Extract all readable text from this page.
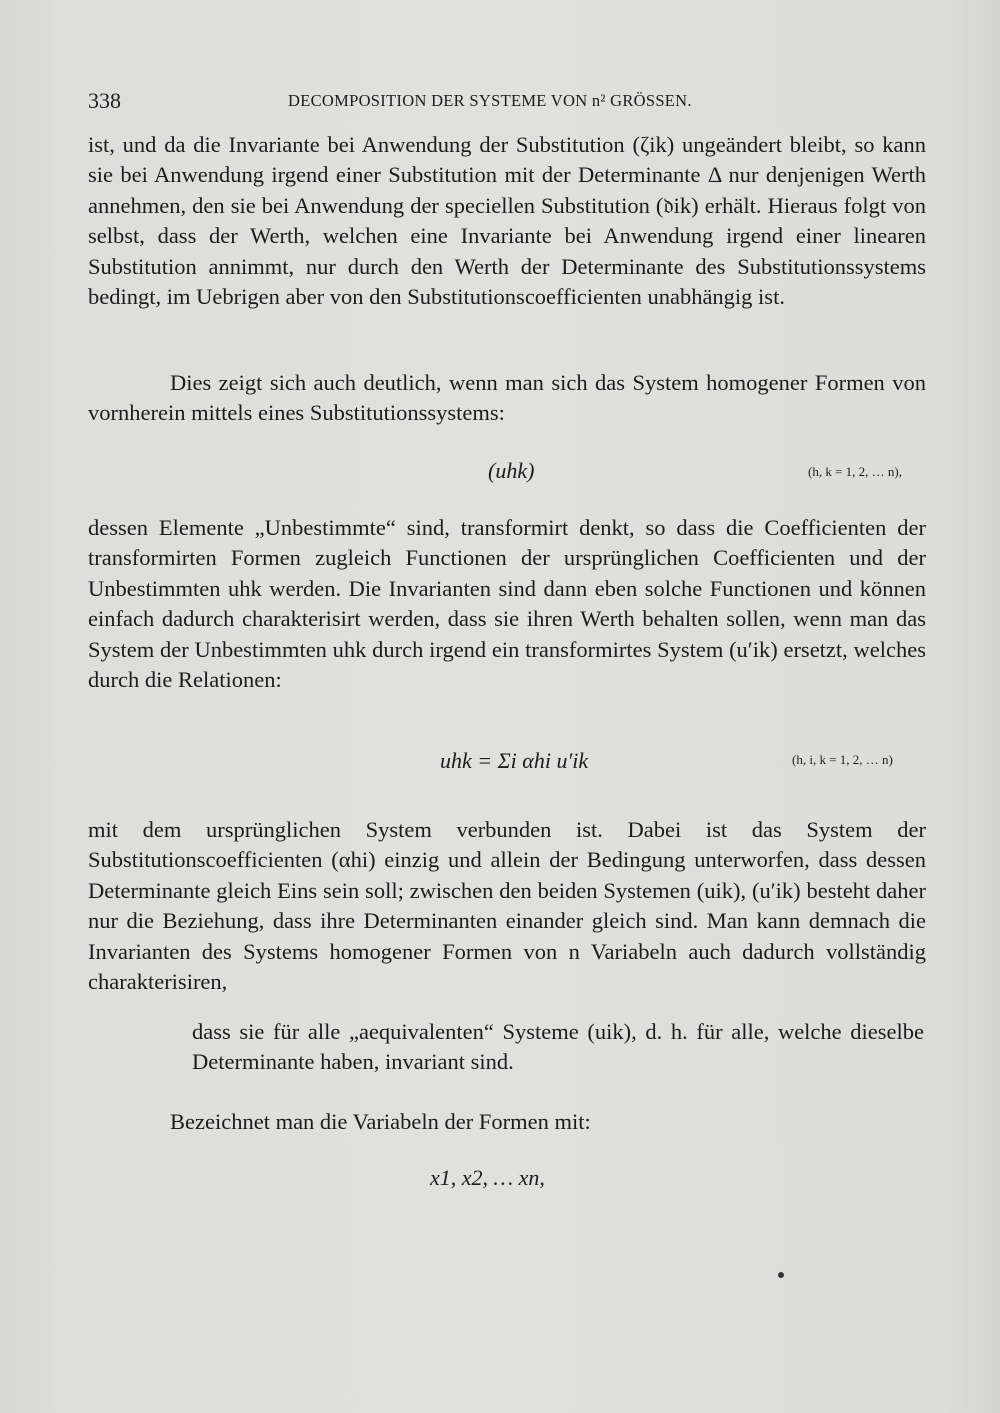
338	DECOMPOSITION DER SYSTEME VON n² GRÖSSEN.
ist, und da die Invariante bei Anwendung der Substitution (ζik) ungeändert bleibt, so kann sie bei Anwendung irgend einer Substitution mit der Determinante Δ nur denjenigen Werth annehmen, den sie bei Anwendung der speciellen Substitution (𝔡ik) erhält. Hieraus folgt von selbst, dass der Werth, welchen eine Invariante bei Anwendung irgend einer linearen Substitution annimmt, nur durch den Werth der Determinante des Substitutionssystems bedingt, im Uebrigen aber von den Substitutionscoefficienten unabhängig ist.
Dies zeigt sich auch deutlich, wenn man sich das System homogener Formen von vornherein mittels eines Substitutionssystems:
(uhk)	(h, k = 1, 2, … n),
dessen Elemente „Unbestimmte“ sind, transformirt denkt, so dass die Coefficienten der transformirten Formen zugleich Functionen der ursprünglichen Coefficienten und der Unbestimmten uhk werden. Die Invarianten sind dann eben solche Functionen und können einfach dadurch charakterisirt werden, dass sie ihren Werth behalten sollen, wenn man das System der Unbestimmten uhk durch irgend ein transformirtes System (u′ik) ersetzt, welches durch die Relationen:
uhk = Σi αhi u′ik	(h, i, k = 1, 2, … n)
mit dem ursprünglichen System verbunden ist. Dabei ist das System der Substitutionscoefficienten (αhi) einzig und allein der Bedingung unterworfen, dass dessen Determinante gleich Eins sein soll; zwischen den beiden Systemen (uik), (u′ik) besteht daher nur die Beziehung, dass ihre Determinanten einander gleich sind. Man kann demnach die Invarianten des Systems homogener Formen von n Variabeln auch dadurch vollständig charakterisiren,
dass sie für alle „aequivalenten“ Systeme (uik), d. h. für alle, welche dieselbe Determinante haben, invariant sind.
Bezeichnet man die Variabeln der Formen mit:
x1, x2, … xn,
